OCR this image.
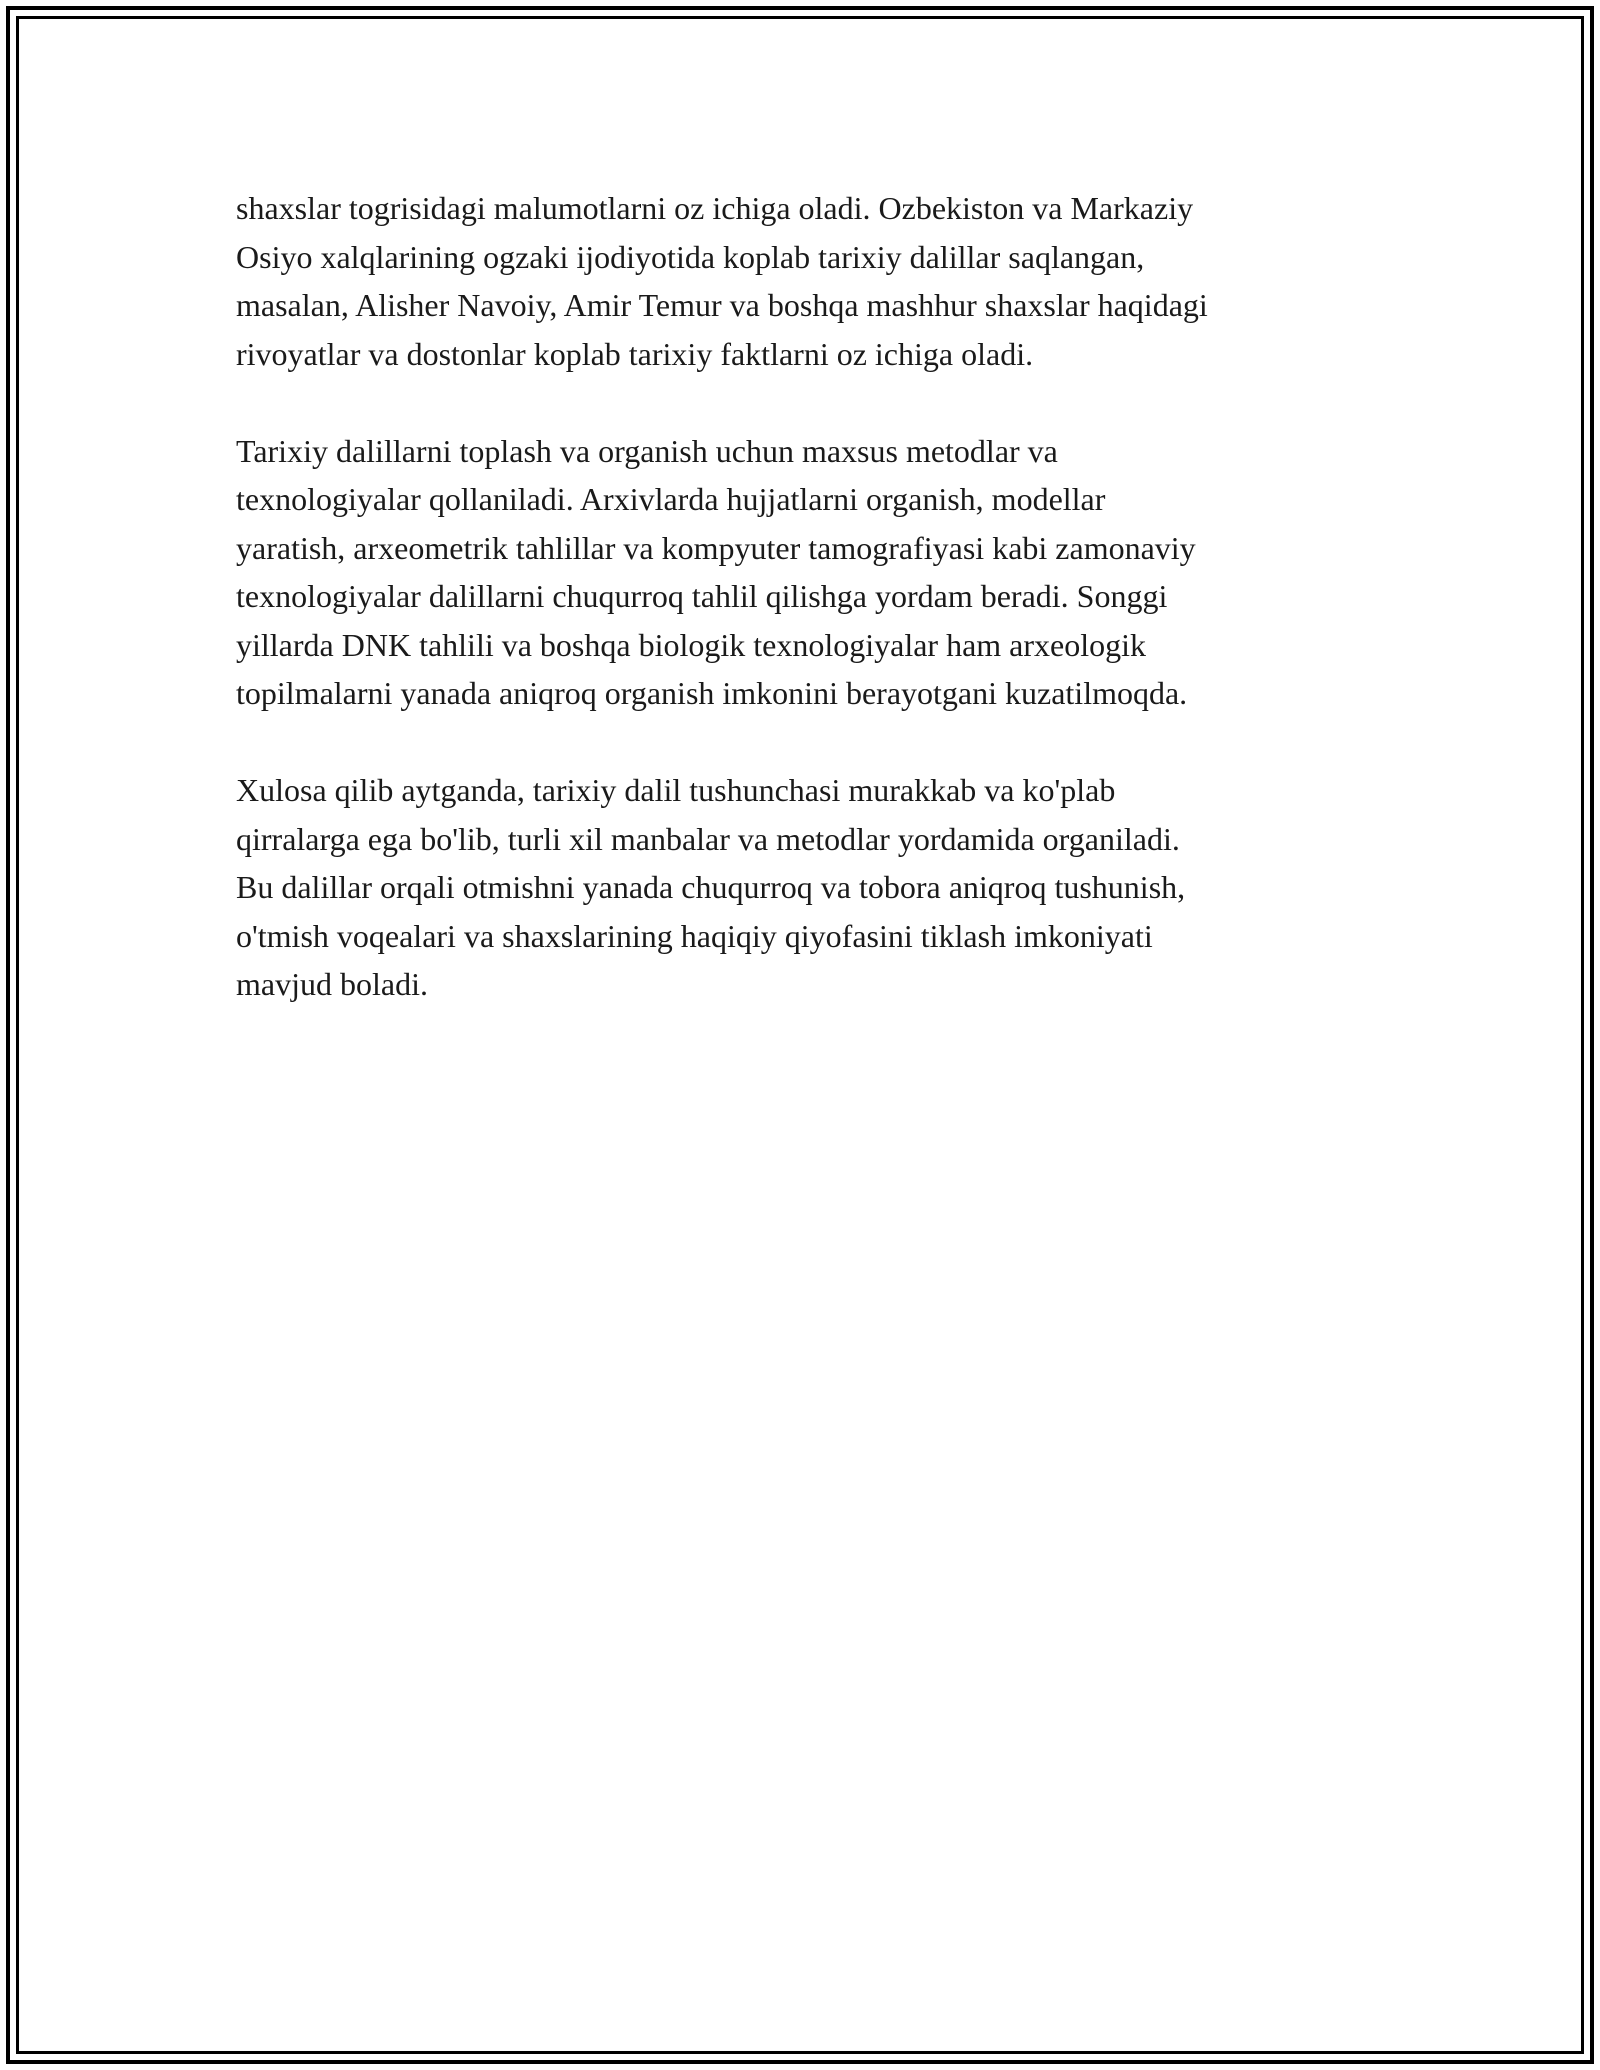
shaxslar togrisidagi malumotlarni oz ichiga oladi. Ozbekiston va Markaziy
Osiyo xalqlarining ogzaki ijodiyotida koplab tarixiy dalillar saqlangan,
masalan, Alisher Navoiy, Amir Temur va boshqa mashhur shaxslar haqidagi
rivoyatlar va dostonlar koplab tarixiy faktlarni oz ichiga oladi.

Tarixiy dalillarni toplash va organish uchun maxsus metodlar va
texnologiyalar qollaniladi. Arxivlarda hujjatlarni organish, modellar
yaratish, arxeometrik tahlillar va kompyuter tamografiyasi kabi zamonaviy
texnologiyalar dalillarni chuqurroq tahlil qilishga yordam beradi. Songgi
yillarda DNK tahlili va boshqa biologik texnologiyalar ham arxeologik
topilmalarni yanada aniqroq organish imkonini berayotgani kuzatilmoqda.

Xulosa qilib aytganda, tarixiy dalil tushunchasi murakkab va ko'plab
qirralarga ega bo'lib, turli xil manbalar va metodlar yordamida organiladi.
Bu dalillar orqali otmishni yanada chuqurroq va tobora aniqroq tushunish,
o'tmish voqealari va shaxslarining haqiqiy qiyofasini tiklash imkoniyati
mavjud boladi.
